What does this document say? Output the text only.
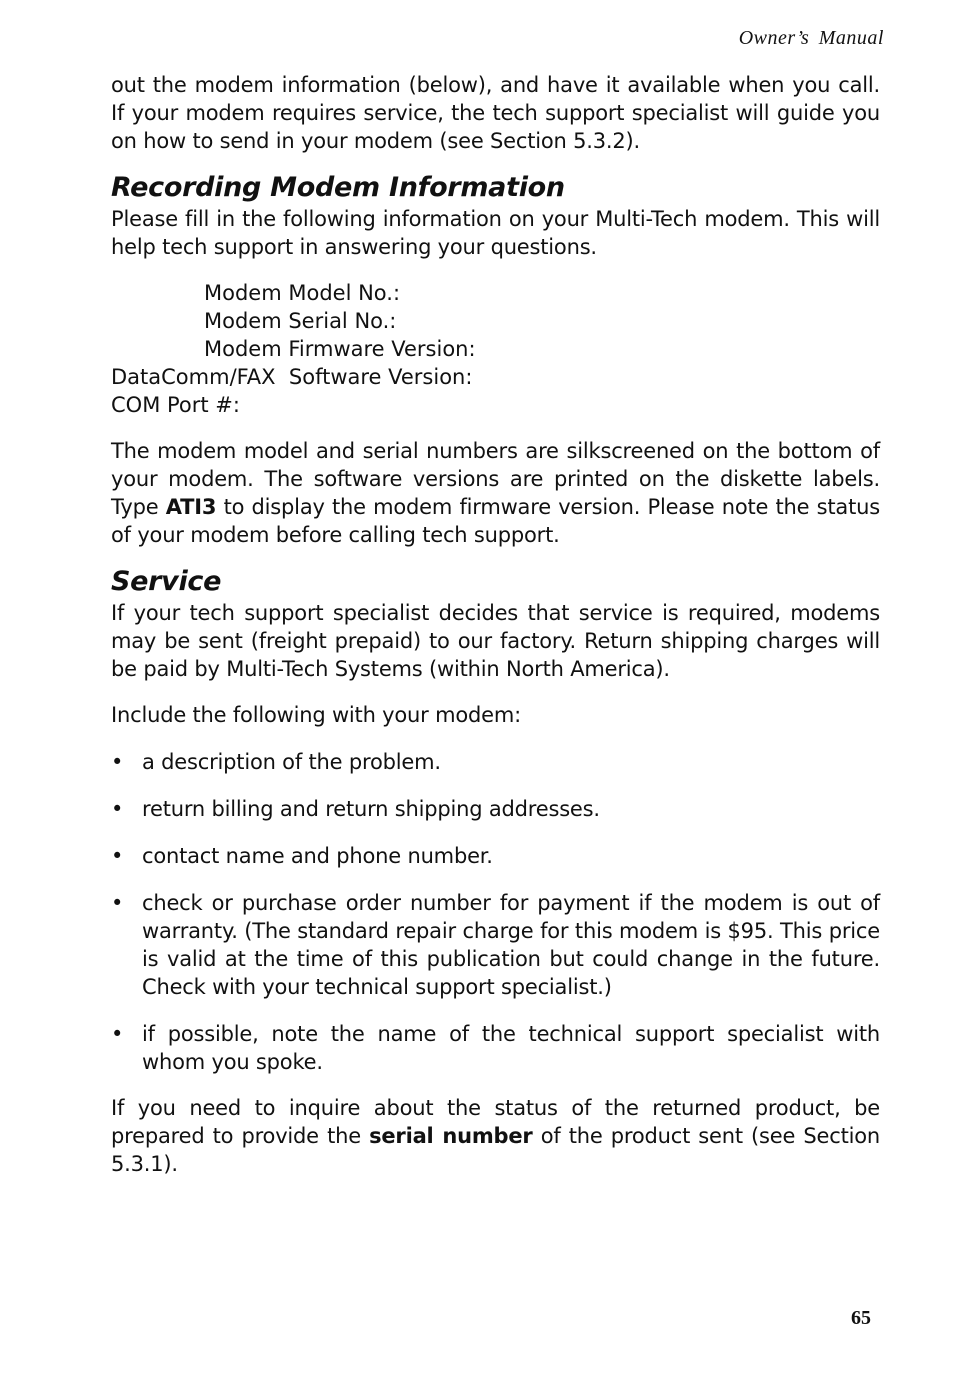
Owner’s Manual

out the modem information (below), and have it available when you call. If your modem requires service, the tech support specialist will guide you on how to send in your modem (see Section 5.3.2).

Recording Modem Information

Please fill in the following information on your Multi-Tech modem. This will help tech support in answering your questions.

Modem Model No.:
Modem Serial No.:
Modem Firmware Version:
DataComm/FAX  Software Version:
COM Port #:

The modem model and serial numbers are silkscreened on the bottom of your modem. The software versions are printed on the diskette labels. Type ATI3 to display the modem firmware version. Please note the status of your modem before calling tech support.

Service

If your tech support specialist decides that service is required, modems may be sent (freight prepaid) to our factory. Return shipping charges will be paid by Multi-Tech Systems (within North America).

Include the following with your modem:

• a description of the problem.
• return billing and return shipping addresses.
• contact name and phone number.
• check or purchase order number for payment if the modem is out of warranty. (The standard repair charge for this modem is $95. This price is valid at the time of this publication but could change in the future. Check with your technical support specialist.)
• if possible, note the name of the technical support specialist with whom you spoke.

If you need to inquire about the status of the returned product, be prepared to provide the serial number of the product sent (see Section 5.3.1).

65
